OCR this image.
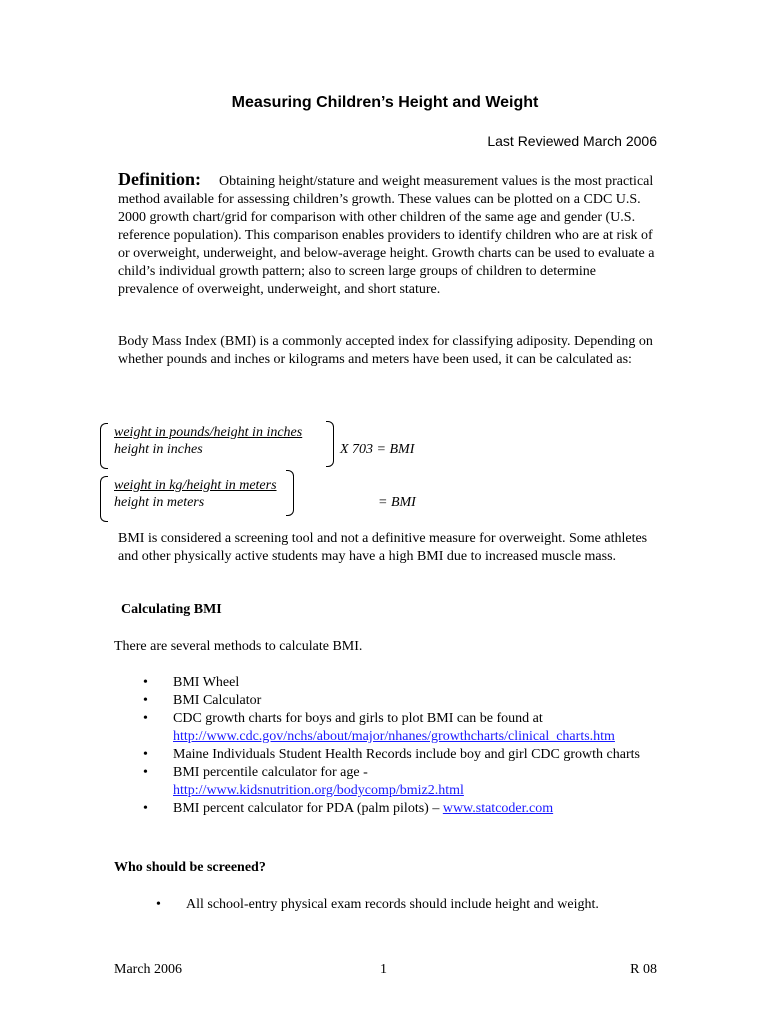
Measuring Children’s Height and Weight
Last Reviewed March 2006
Definition: Obtaining height/stature and weight measurement values is the most practical method available for assessing children’s growth. These values can be plotted on a CDC U.S. 2000 growth chart/grid for comparison with other children of the same age and gender (U.S. reference population). This comparison enables providers to identify children who are at risk of or overweight, underweight, and below-average height. Growth charts can be used to evaluate a child’s individual growth pattern; also to screen large groups of children to determine prevalence of overweight, underweight, and short stature.
Body Mass Index (BMI) is a commonly accepted index for classifying adiposity. Depending on whether pounds and inches or kilograms and meters have been used, it can be calculated as:
weight in pounds/height in inches
height in inches	X 703 = BMI
weight in kg/height in meters
height in meters	= BMI
BMI is considered a screening tool and not a definitive measure for overweight. Some athletes and other physically active students may have a high BMI due to increased muscle mass.
Calculating BMI
There are several methods to calculate BMI.
• BMI Wheel
• BMI Calculator
• CDC growth charts for boys and girls to plot BMI can be found at
http://www.cdc.gov/nchs/about/major/nhanes/growthcharts/clinical_charts.htm
• Maine Individuals Student Health Records include boy and girl CDC growth charts
• BMI percentile calculator for age -
http://www.kidsnutrition.org/bodycomp/bmiz2.html
• BMI percent calculator for PDA (palm pilots) – www.statcoder.com
Who should be screened?
• All school-entry physical exam records should include height and weight.
March 2006	1	R 08
